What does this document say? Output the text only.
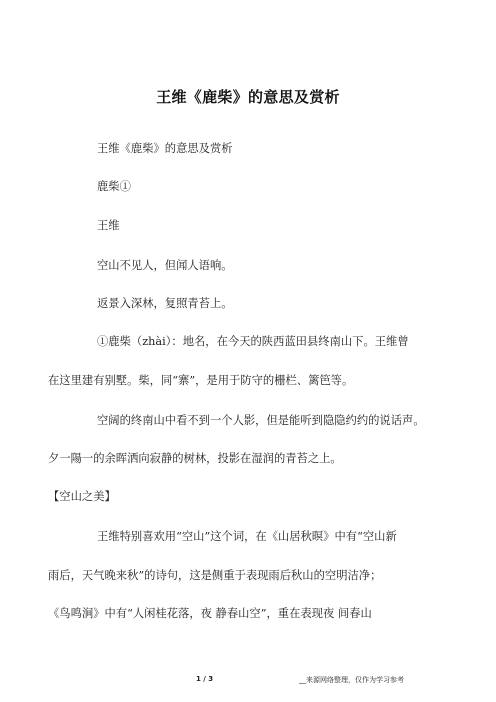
王维《鹿柴》的意思及赏析
王维《鹿柴》的意思及赏析
鹿柴①
王维
空山不见人，但闻人语响。
返景入深林，复照青苔上。
①鹿柴（zhài）：地名，在今天的陕西蓝田县终南山下。王维曾
在这里建有别墅。柴，同“寨”，是用于防守的栅栏、篱笆等。
空阔的终南山中看不到一个人影，但是能听到隐隐约约的说话声。
夕一陽一的余晖洒向寂静的树林，投影在湿润的青苔之上。
【空山之美】
王维特别喜欢用“空山”这个词，在《山居秋暝》中有“空山新
雨后，天气晚来秋”的诗句，这是侧重于表现雨后秋山的空明洁净；
《鸟鸣涧》中有“人闲桂花落，夜 静春山空”，重在表现夜 间春山
1 / 3	__来源网络整理，仅作为学习参考
